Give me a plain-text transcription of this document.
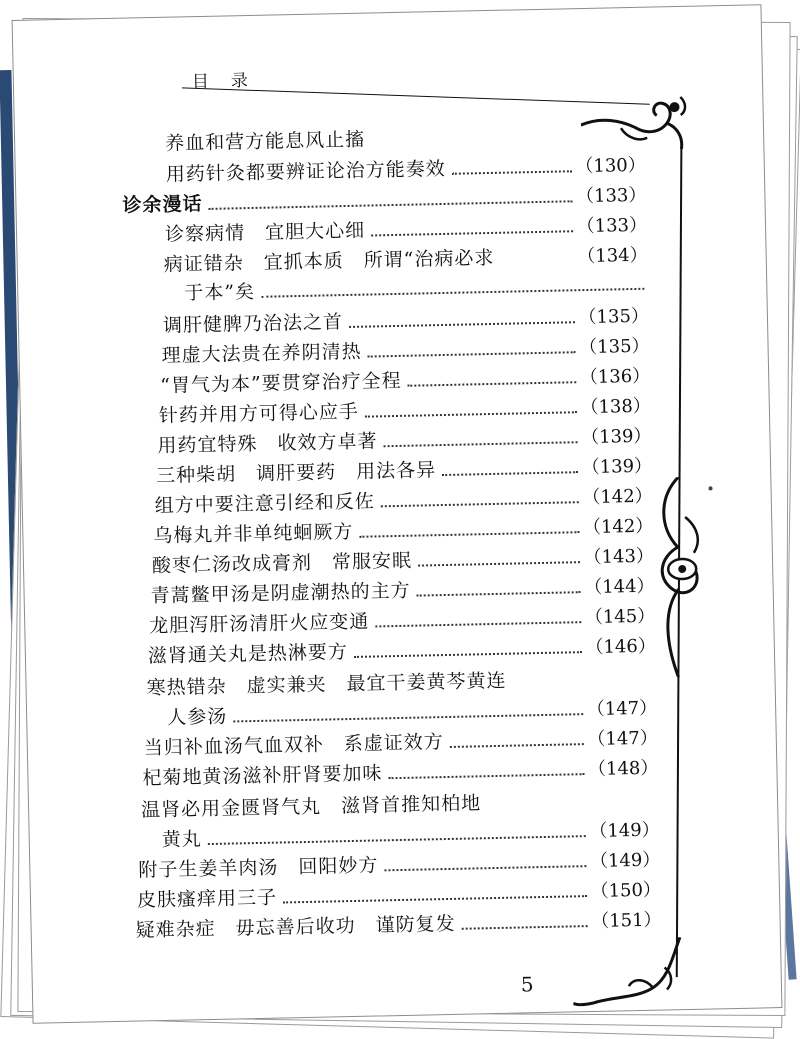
目录
养血和营方能息风止搐
用药针灸都要辨证论治方能奏效	（130）
诊余漫话	（133）
诊察病情　宜胆大心细	（133）
病证错杂　宜抓本质　所谓“治病必求	（134）
于本”矣
调肝健脾乃治法之首	（135）
理虚大法贵在养阴清热	（135）
“胃气为本”要贯穿治疗全程	（136）
针药并用方可得心应手	（138）
用药宜特殊　收效方卓著	（139）
三种柴胡　调肝要药　用法各异	（139）
组方中要注意引经和反佐	（142）
乌梅丸并非单纯蛔厥方	（142）
酸枣仁汤改成膏剂　常服安眠	（143）
青蒿鳖甲汤是阴虚潮热的主方	（144）
龙胆泻肝汤清肝火应变通	（145）
滋肾通关丸是热淋要方	（146）
寒热错杂　虚实兼夹　最宜干姜黄芩黄连
人参汤	（147）
当归补血汤气血双补　系虚证效方	（147）
杞菊地黄汤滋补肝肾要加味	（148）
温肾必用金匮肾气丸　滋肾首推知柏地
黄丸	（149）
附子生姜羊肉汤　回阳妙方	（149）
皮肤瘙痒用三子	（150）
疑难杂症　毋忘善后收功　谨防复发	（151）
5
